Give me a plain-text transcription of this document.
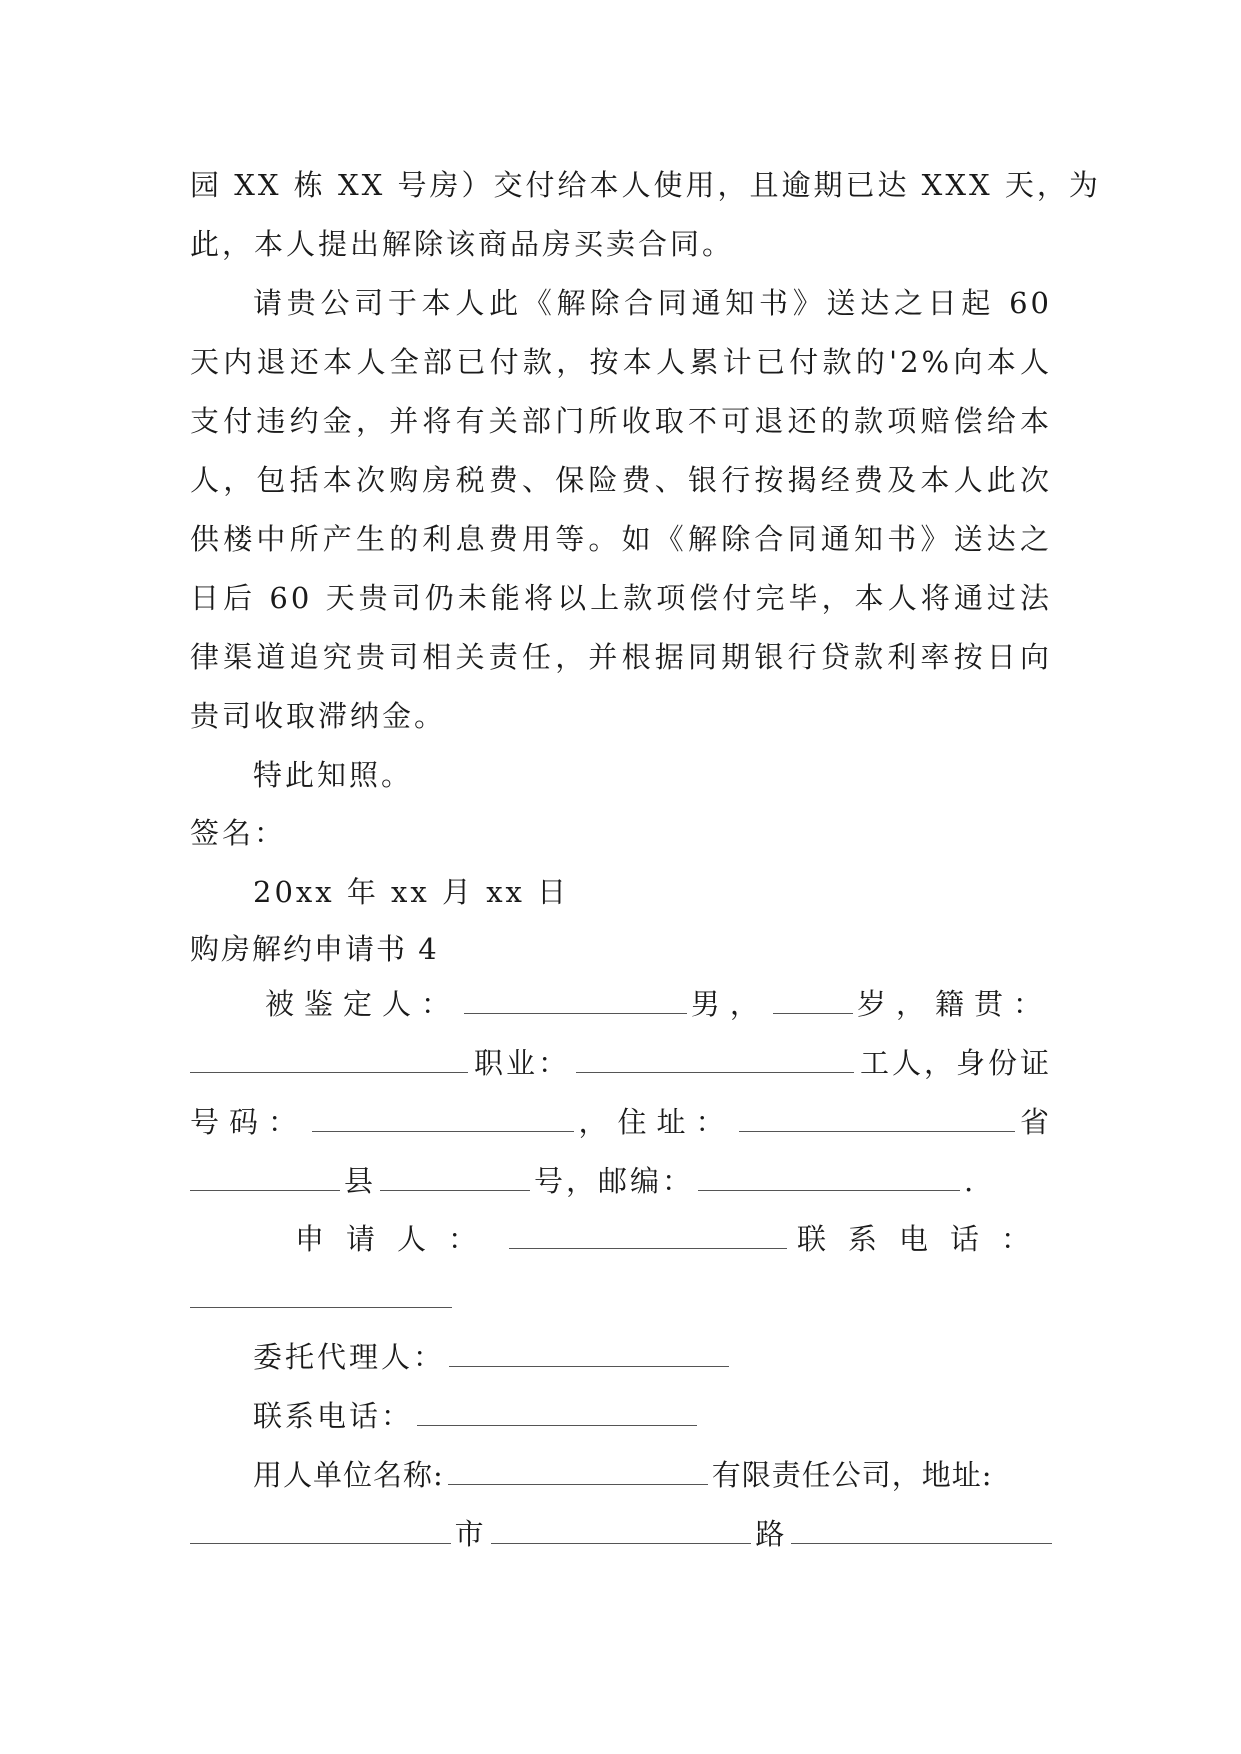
园 XX 栋 XX 号房）交付给本人使用，且逾期已达 XXX 天，为
此，本人提出解除该商品房买卖合同。
请贵公司于本人此《解除合同通知书》送达之日起 60
天内退还本人全部已付款，按本人累计已付款的'2%向本人
支付违约金，并将有关部门所收取不可退还的款项赔偿给本
人，包括本次购房税费、保险费、银行按揭经费及本人此次
供楼中所产生的利息费用等。如《解除合同通知书》送达之
日后 60 天贵司仍未能将以上款项偿付完毕，本人将通过法
律渠道追究贵司相关责任，并根据同期银行贷款利率按日向
贵司收取滞纳金。
特此知照。
签名：
20xx 年 xx 月 xx 日
购房解约申请书 4
被鉴定人：	男，	岁， 籍贯：
职业：	工人，身份证
号码：	，住址：	省
县	号，邮编：	.
申请人：	联系电话：
委托代理人：
联系电话：
用人单位名称:	有限责任公司，地址:
市	路
